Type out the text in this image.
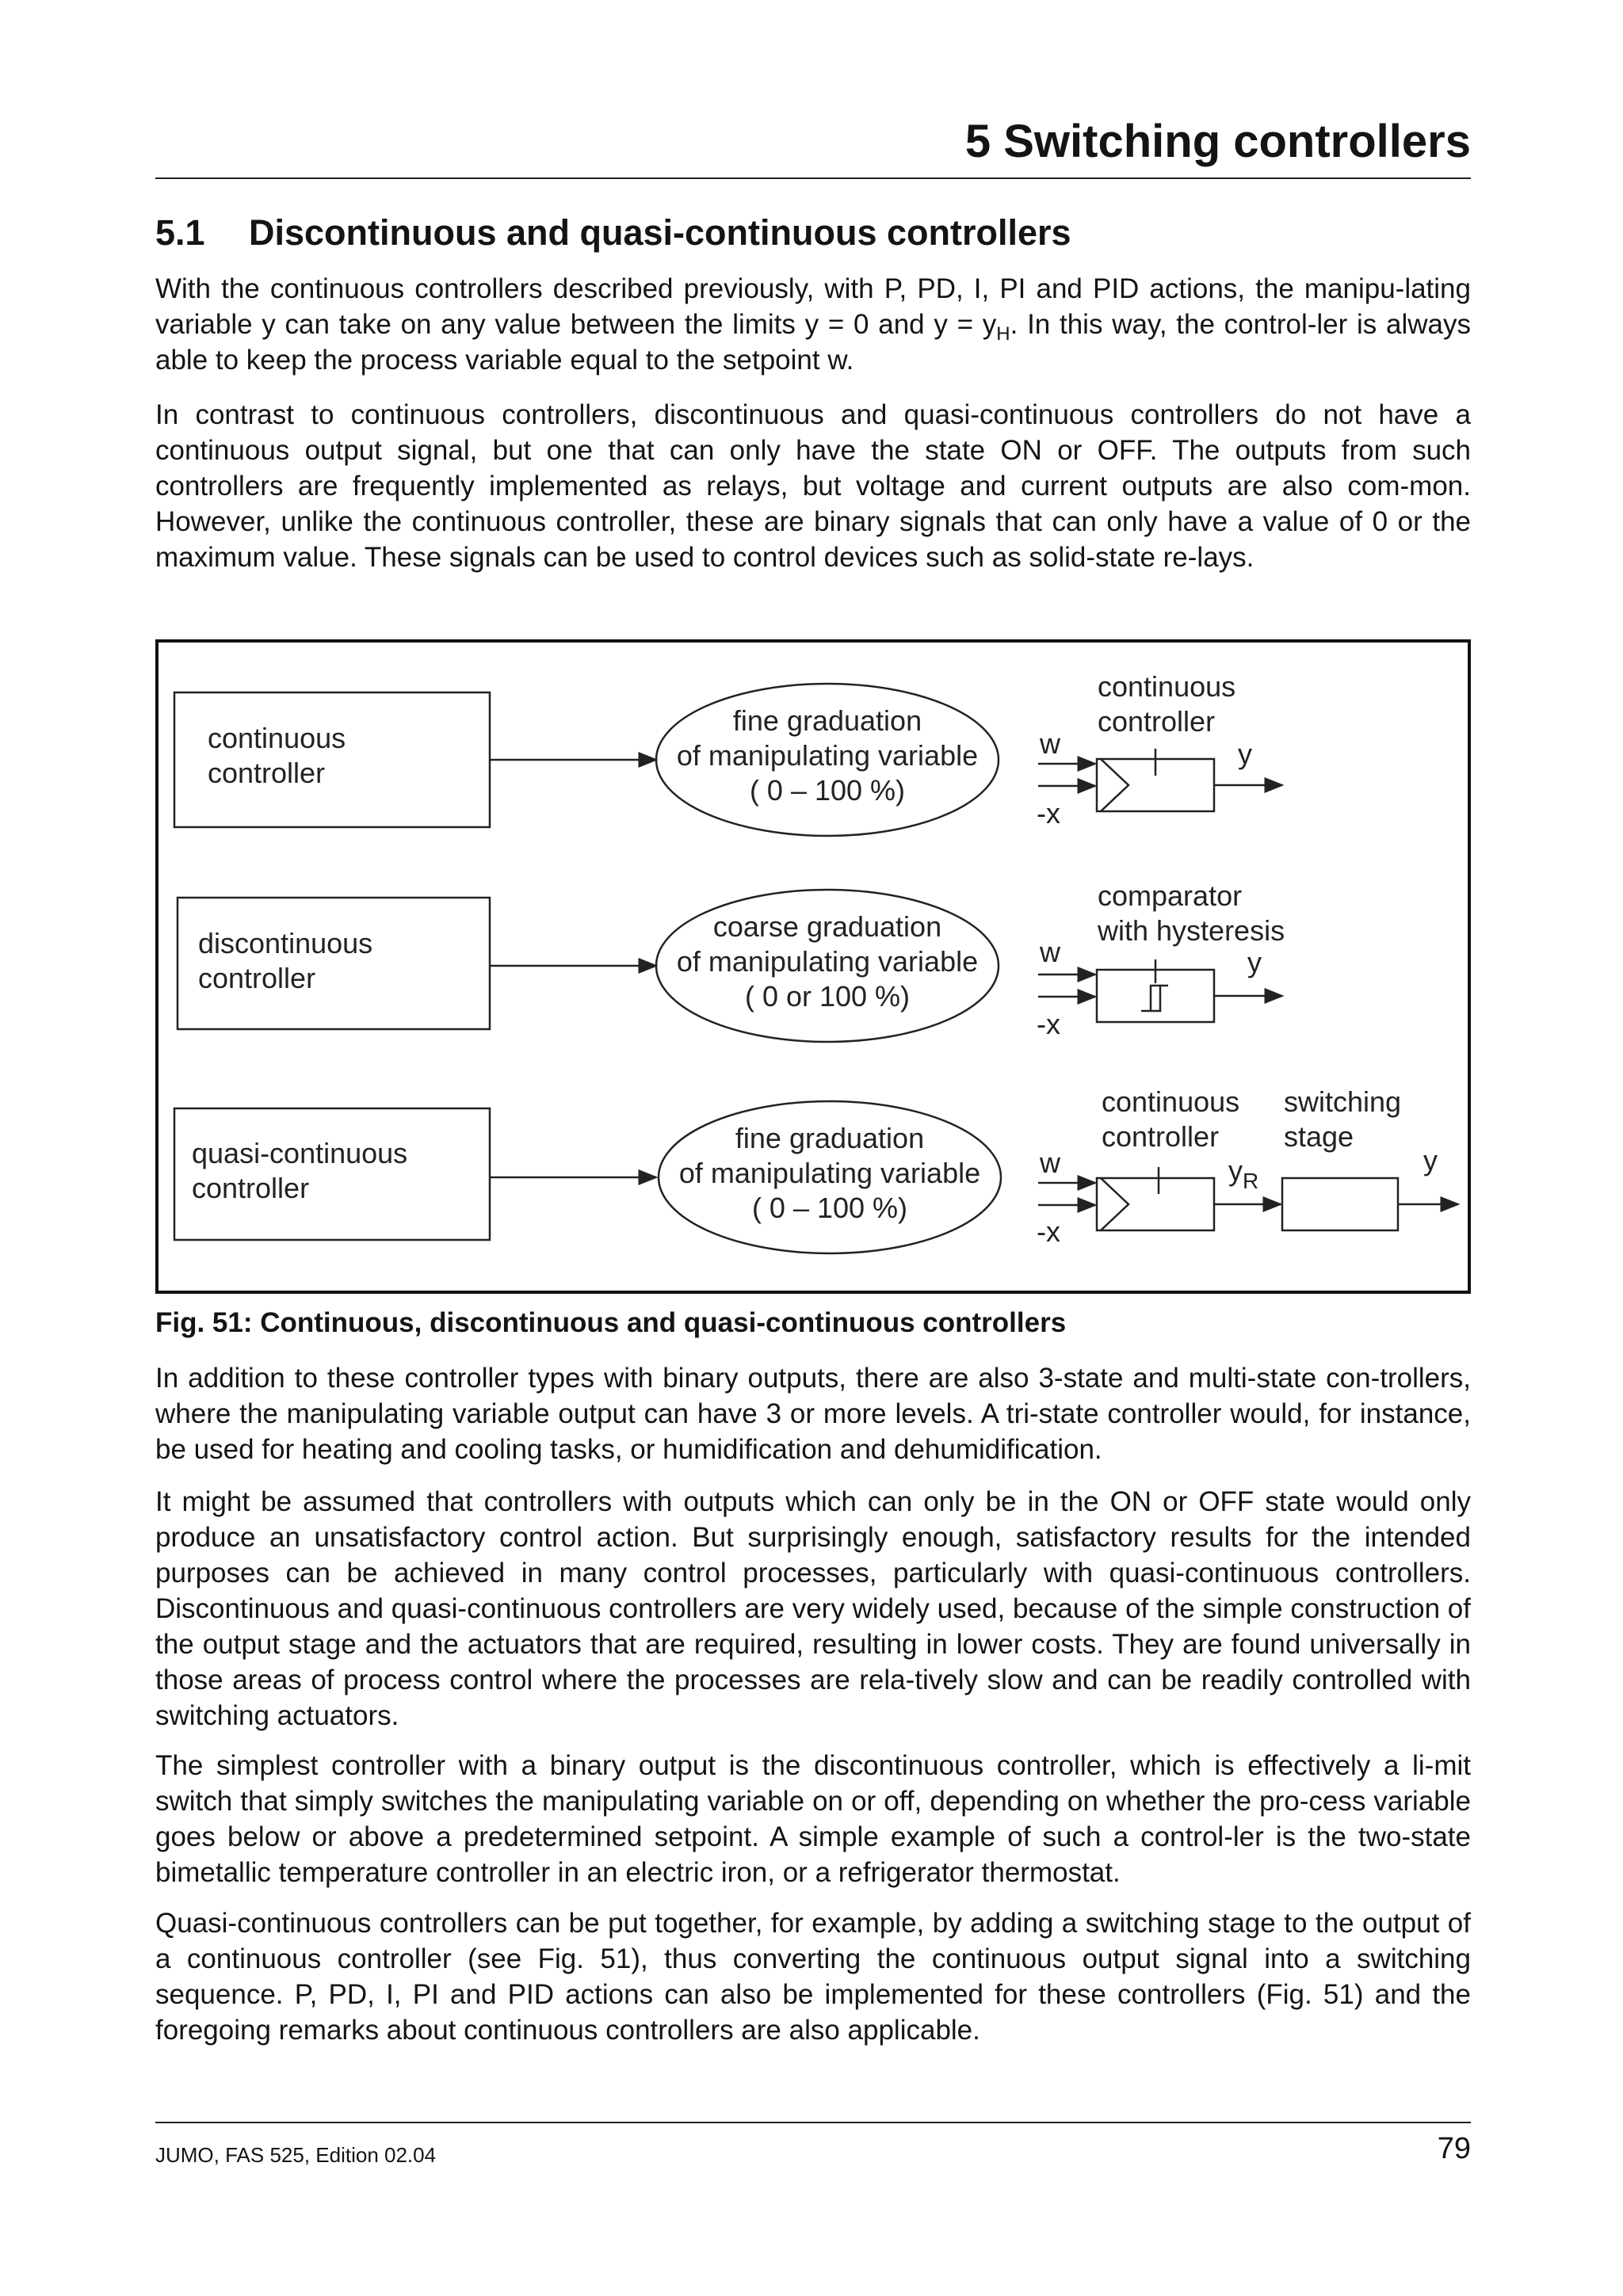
5 Switching controllers
5.1 Discontinuous and quasi-continuous controllers
With the continuous controllers described previously, with P, PD, I, PI and PID actions, the manipu-lating variable y can take on any value between the limits y = 0 and $y = y_H$. In this way, the control-ler is always able to keep the process variable equal to the setpoint w.
In contrast to continuous controllers, discontinuous and quasi-continuous controllers do not have a continuous output signal, but one that can only have the state ON or OFF. The outputs from such controllers are frequently implemented as relays, but voltage and current outputs are also com-mon. However, unlike the continuous controller, these are binary signals that can only have a value of 0 or the maximum value. These signals can be used to control devices such as solid-state re-lays.
continuous
controller
fine graduation
of manipulating variable
( 0 – 100 %)
continuous
controller
w
-x
y
discontinuous
controller
coarse graduation
of manipulating variable
( 0 or 100 %)
comparator
with hysteresis
w
-x
y
quasi-continuous
controller
fine graduation
of manipulating variable
( 0 – 100 %)
continuous
controller
switching
stage
w
-x
$y_R$
y
Fig. 51: Continuous, discontinuous and quasi-continuous controllers
In addition to these controller types with binary outputs, there are also 3-state and multi-state con-trollers, where the manipulating variable output can have 3 or more levels. A tri-state controller would, for instance, be used for heating and cooling tasks, or humidification and dehumidification.
It might be assumed that controllers with outputs which can only be in the ON or OFF state would only produce an unsatisfactory control action. But surprisingly enough, satisfactory results for the intended purposes can be achieved in many control processes, particularly with quasi-continuous controllers. Discontinuous and quasi-continuous controllers are very widely used, because of the simple construction of the output stage and the actuators that are required, resulting in lower costs. They are found universally in those areas of process control where the processes are rela-tively slow and can be readily controlled with switching actuators.
The simplest controller with a binary output is the discontinuous controller, which is effectively a li-mit switch that simply switches the manipulating variable on or off, depending on whether the pro-cess variable goes below or above a predetermined setpoint. A simple example of such a control-ler is the two-state bimetallic temperature controller in an electric iron, or a refrigerator thermostat.
Quasi-continuous controllers can be put together, for example, by adding a switching stage to the output of a continuous controller (see Fig. 51), thus converting the continuous output signal into a switching sequence. P, PD, I, PI and PID actions can also be implemented for these controllers (Fig. 51) and the foregoing remarks about continuous controllers are also applicable.
JUMO, FAS 525, Edition 02.04	79
